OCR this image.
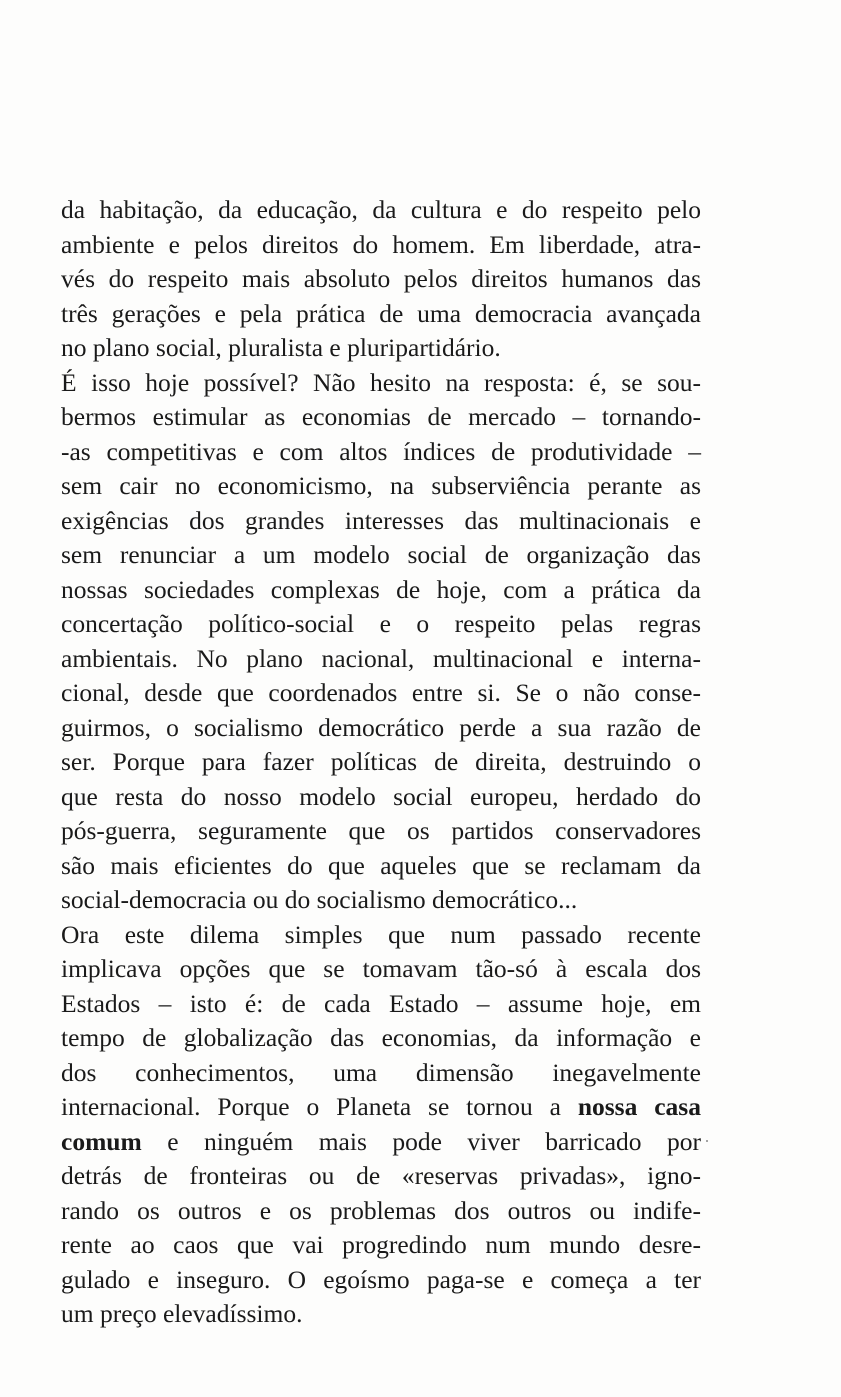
da habitação, da educação, da cultura e do respeito pelo
ambiente e pelos direitos do homem. Em liberdade, atra-
vés do respeito mais absoluto pelos direitos humanos das
três gerações e pela prática de uma democracia avançada
no plano social, pluralista e pluripartidário.
É isso hoje possível? Não hesito na resposta: é, se sou-
bermos estimular as economias de mercado – tornando-
-as competitivas e com altos índices de produtividade –
sem cair no economicismo, na subserviência perante as
exigências dos grandes interesses das multinacionais e
sem renunciar a um modelo social de organização das
nossas sociedades complexas de hoje, com a prática da
concertação político-social e o respeito pelas regras
ambientais. No plano nacional, multinacional e interna-
cional, desde que coordenados entre si. Se o não conse-
guirmos, o socialismo democrático perde a sua razão de
ser. Porque para fazer políticas de direita, destruindo o
que resta do nosso modelo social europeu, herdado do
pós-guerra, seguramente que os partidos conservadores
são mais eficientes do que aqueles que se reclamam da
social-democracia ou do socialismo democrático...
Ora este dilema simples que num passado recente
implicava opções que se tomavam tão-só à escala dos
Estados – isto é: de cada Estado – assume hoje, em
tempo de globalização das economias, da informação e
dos conhecimentos, uma dimensão inegavelmente
internacional. Porque o Planeta se tornou a nossa casa
comum e ninguém mais pode viver barricado por
detrás de fronteiras ou de «reservas privadas», igno-
rando os outros e os problemas dos outros ou indife-
rente ao caos que vai progredindo num mundo desre-
gulado e inseguro. O egoísmo paga-se e começa a ter
um preço elevadíssimo.
